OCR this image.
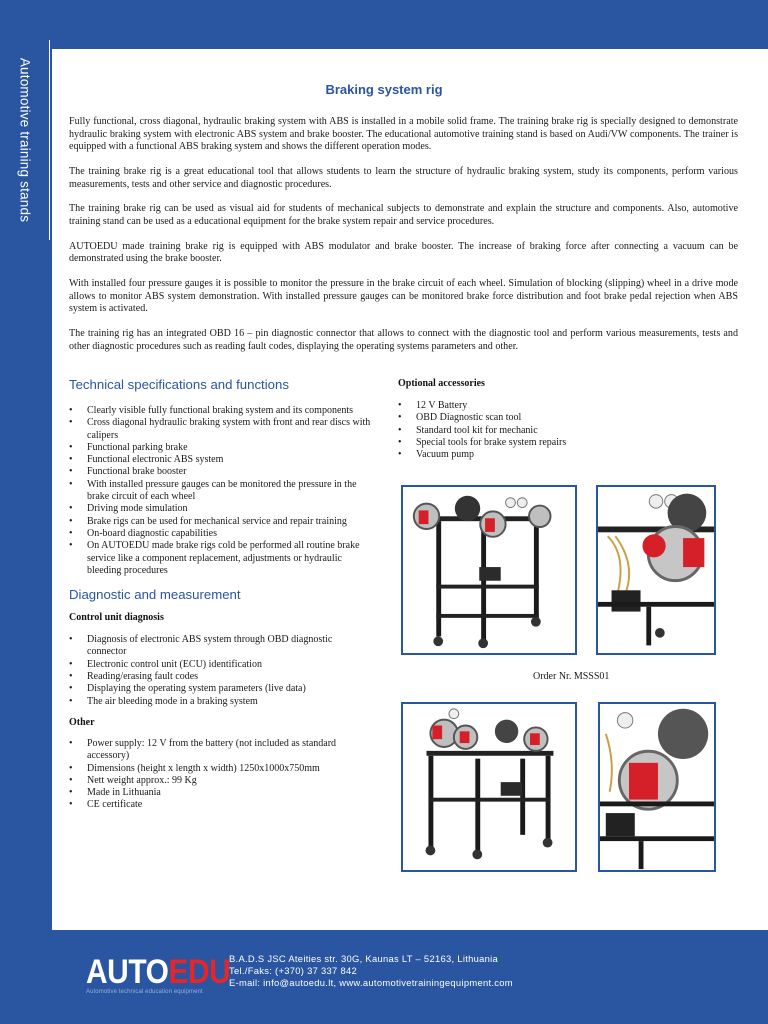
Automotive training stands	Braking system rig

Fully functional, cross diagonal, hydraulic braking system with ABS is installed in a mobile solid frame. The training brake rig is specially designed to demonstrate hydraulic braking system with electronic ABS system and brake booster. The educational automotive training stand is based on Audi/VW components. The trainer is equipped with a functional ABS braking system and shows the different operation modes.

The training brake rig is a great educational tool that allows students to learn the structure of hydraulic braking system, study its components, perform various measurements, tests and other service and diagnostic procedures.

The training brake rig can be used as visual aid for students of mechanical subjects to demonstrate and explain the structure and components. Also, automotive training stand can be used as a educational equipment for the brake system repair and service procedures.

AUTOEDU made training brake rig is equipped with ABS modulator and brake booster. The increase of braking force after connecting a vacuum can be demonstrated using the brake booster.

With installed four pressure gauges it is possible to monitor the pressure in the brake circuit of each wheel. Simulation of blocking (slipping) wheel in a drive mode allows to monitor ABS system demonstration. With installed pressure gauges can be monitored brake force distribution and foot brake pedal rejection when ABS system is activated.

The training rig has an integrated OBD 16 – pin diagnostic connector that allows to connect with the diagnostic tool and perform various measurements, tests and other diagnostic procedures such as reading fault codes, displaying the operating systems parameters and other.

Technical specifications and functions
• Clearly visible fully functional braking system and its components
• Cross diagonal hydraulic braking system with front and rear discs with calipers
• Functional parking brake
• Functional electronic ABS system
• Functional brake booster
• With installed pressure gauges can be monitored the pressure in the brake circuit of each wheel
• Driving mode simulation
• Brake rigs can be used for mechanical service and repair training
• On-board diagnostic capabilities
• On AUTOEDU made brake rigs cold be performed all routine brake service like a component replacement, adjustments or hydraulic bleeding procedures
Diagnostic and measurement
Control unit diagnosis
• Diagnosis of electronic ABS system through OBD diagnostic connector
• Electronic control unit (ECU) identification
• Reading/erasing fault codes
• Displaying the operating system parameters (live data)
• The air bleeding mode in a braking system
Other
• Power supply: 12 V from the battery (not included as standard accessory)
• Dimensions (height x length x width) 1250x1000x750mm
• Nett weight approx.: 99 Kg
• Made in Lithuania
• CE certificate
Optional accessories
• 12 V Battery
• OBD Diagnostic scan tool
• Standard tool kit for mechanic
• Special tools for brake system repairs
• Vacuum pump
Order Nr. MSSS01
AUTOEDU
Automotive technical education equipment
B.A.D.S JSC Ateities str. 30G, Kaunas LT – 52163, Lithuania
Tel./Faks: (+370) 37 337 842
E-mail: info@autoedu.lt, www.automotivetrainingequipment.com
